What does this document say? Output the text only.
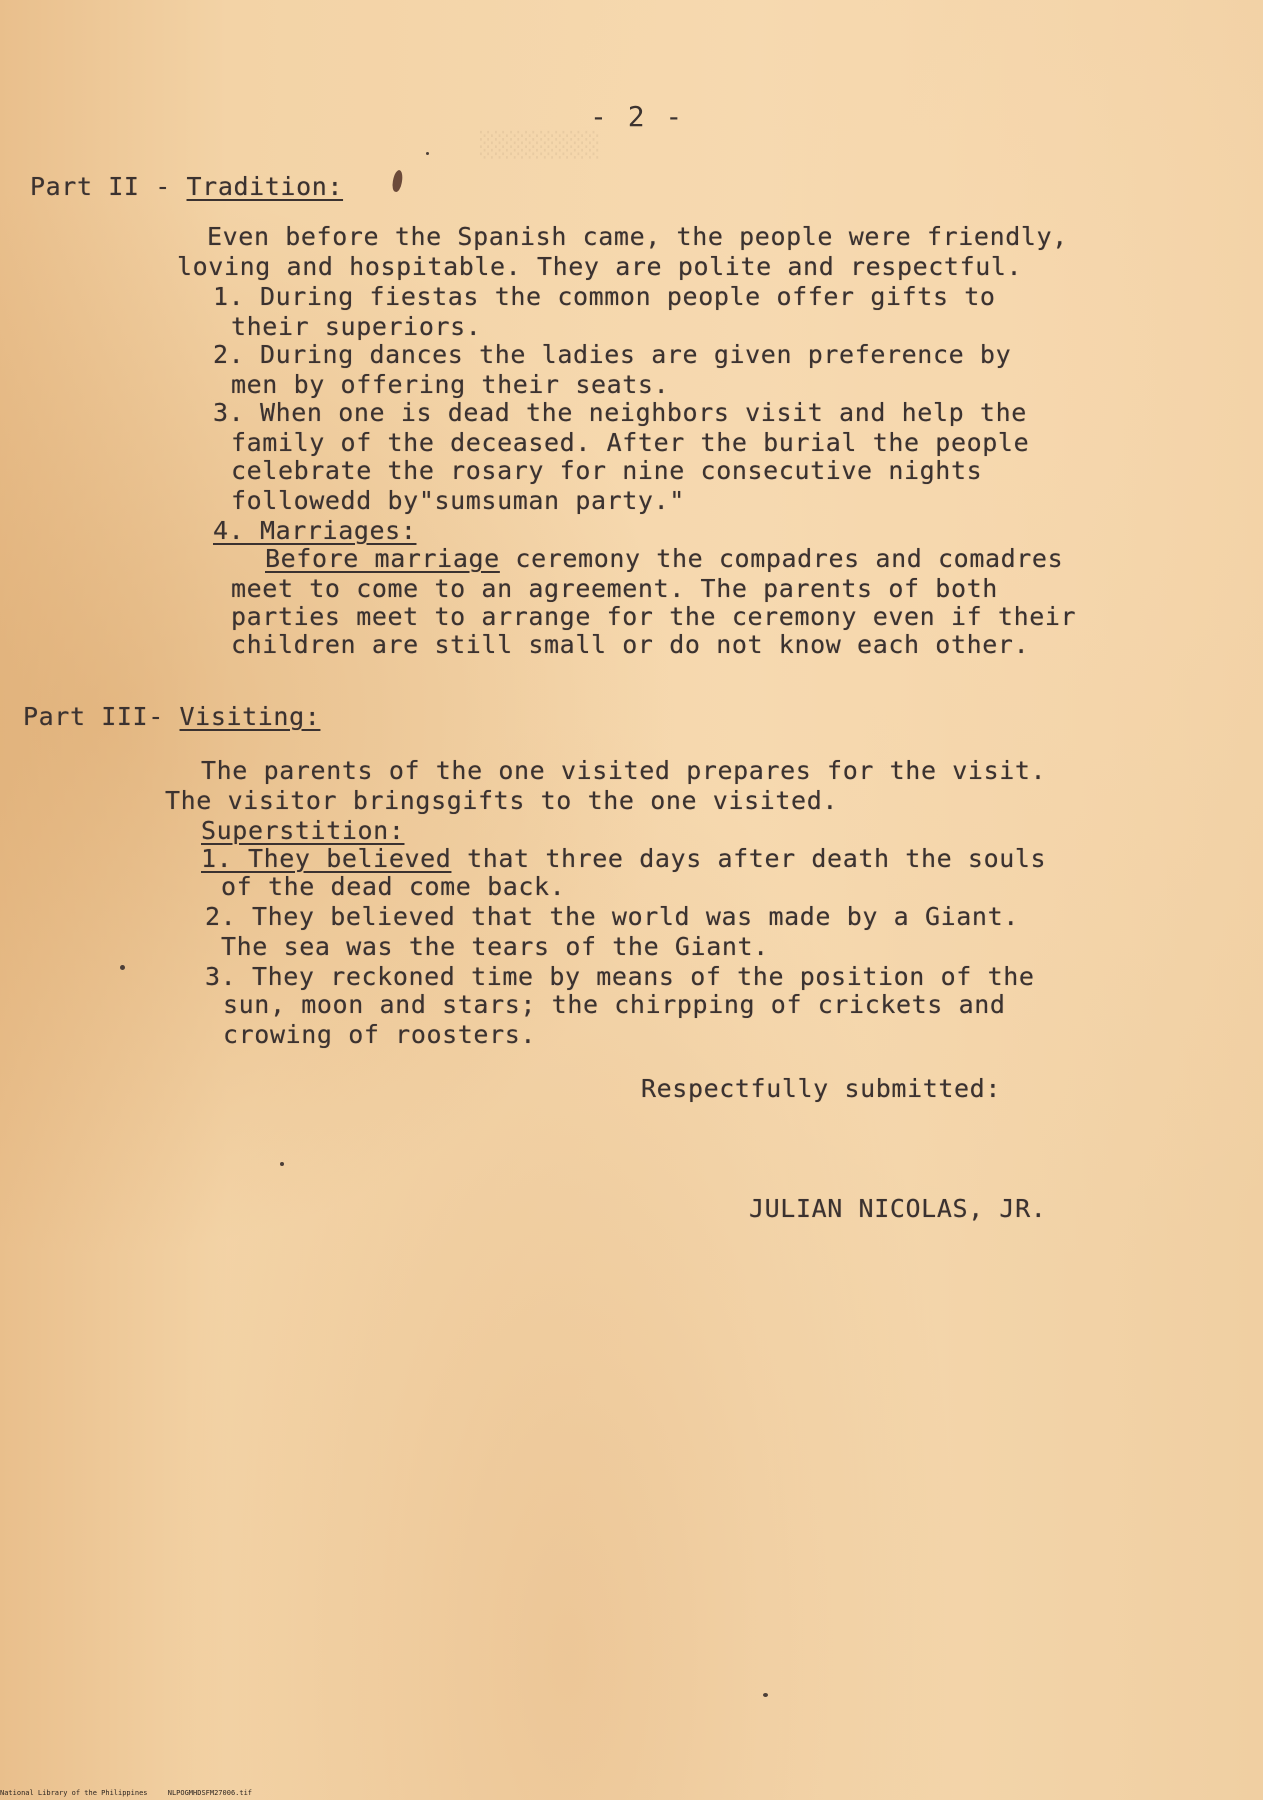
░░░░░░░░
- 2 -
Part II - Tradition:
Even before the Spanish came, the people were friendly,
loving and hospitable. They are polite and respectful.
1. During fiestas the common people offer gifts to
their superiors.
2. During dances the ladies are given preference by
men by offering their seats.
3. When one is dead the neighbors visit and help the
family of the deceased. After the burial the people
celebrate the rosary for nine consecutive nights
followedd by"sumsuman party."
4. Marriages:
Before marriage ceremony the compadres and comadres
meet to come to an agreement. The parents of both
parties meet to arrange for the ceremony even if their
children are still small or do not know each other.
Part III- Visiting:
The parents of the one visited prepares for the visit.
The visitor bringsgifts to the one visited.
Superstition:
1. They believed that three days after death the souls
of the dead come back.
2. They believed that the world was made by a Giant.
The sea was the tears of the Giant.
3. They reckoned time by means of the position of the
sun, moon and stars; the chirpping of crickets and
crowing of roosters.
Respectfully submitted:
JULIAN NICOLAS, JR.
National Library of the Philippines	NLPOGMHDSFM27006.tif
